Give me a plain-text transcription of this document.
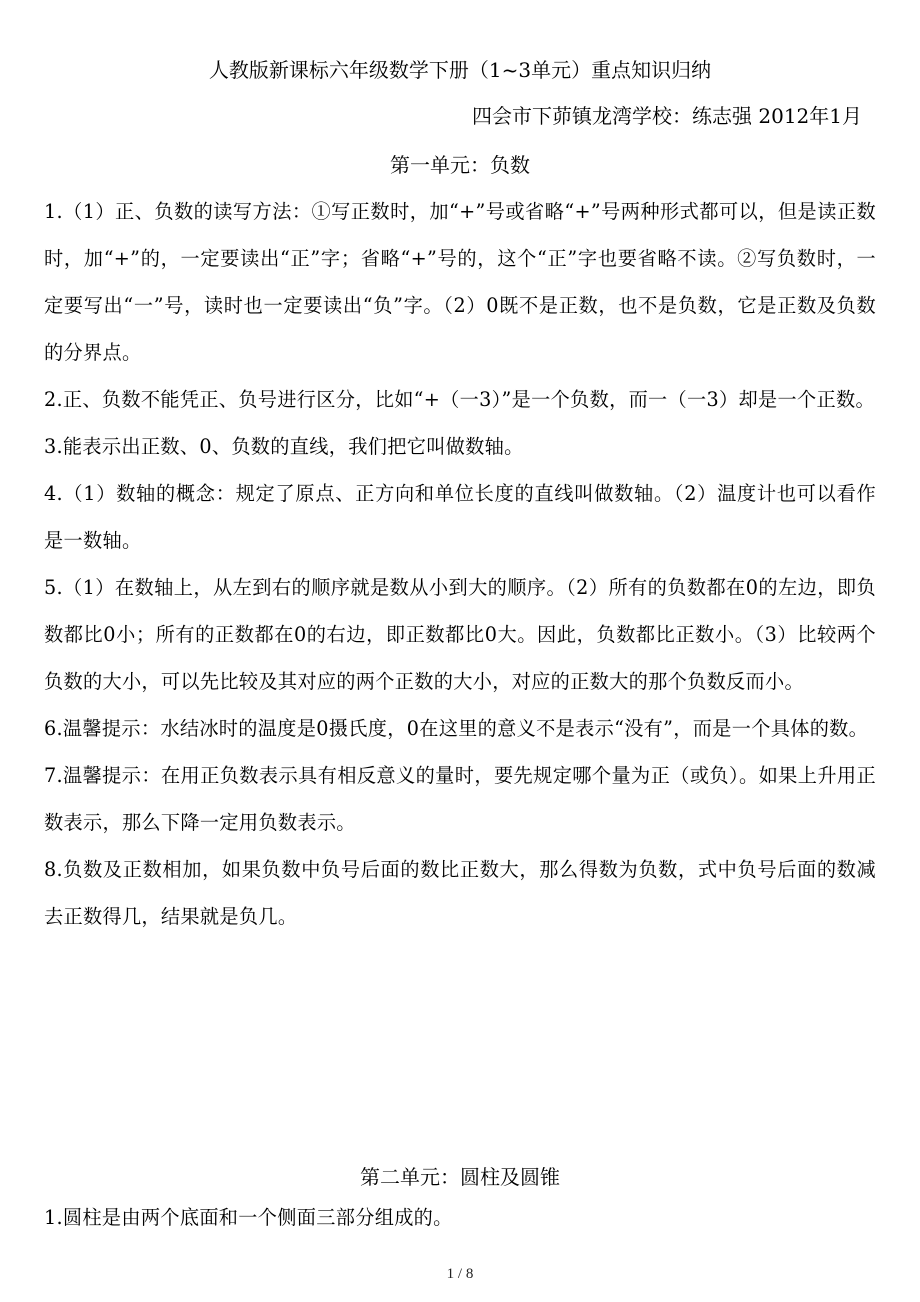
人教版新课标六年级数学下册（1~3单元）重点知识归纳
四会市下茆镇龙湾学校：练志强 2012年1月
第一单元：负数

1.（1）正、负数的读写方法：①写正数时，加“+”号或省略“+”号两种形式都可以，但是读正数时，加“+”的，一定要读出“正”字；省略“+”号的，这个“正”字也要省略不读。②写负数时，一定要写出“一”号，读时也一定要读出“负”字。（2）0既不是正数，也不是负数，它是正数及负数的分界点。

2.正、负数不能凭正、负号进行区分，比如“+（一3）”是一个负数，而一（一3）却是一个正数。

3.能表示出正数、0、负数的直线，我们把它叫做数轴。

4.（1）数轴的概念：规定了原点、正方向和单位长度的直线叫做数轴。（2）温度计也可以看作是一数轴。

5.（1）在数轴上，从左到右的顺序就是数从小到大的顺序。（2）所有的负数都在0的左边，即负数都比0小；所有的正数都在0的右边，即正数都比0大。因此，负数都比正数小。（3）比较两个负数的大小，可以先比较及其对应的两个正数的大小，对应的正数大的那个负数反而小。

6.温馨提示：水结冰时的温度是0摄氏度，0在这里的意义不是表示“没有”，而是一个具体的数。

7.温馨提示：在用正负数表示具有相反意义的量时，要先规定哪个量为正（或负）。如果上升用正数表示，那么下降一定用负数表示。

8.负数及正数相加，如果负数中负号后面的数比正数大，那么得数为负数，式中负号后面的数减去正数得几，结果就是负几。

第二单元：圆柱及圆锥

1.圆柱是由两个底面和一个侧面三部分组成的。

1 / 8
